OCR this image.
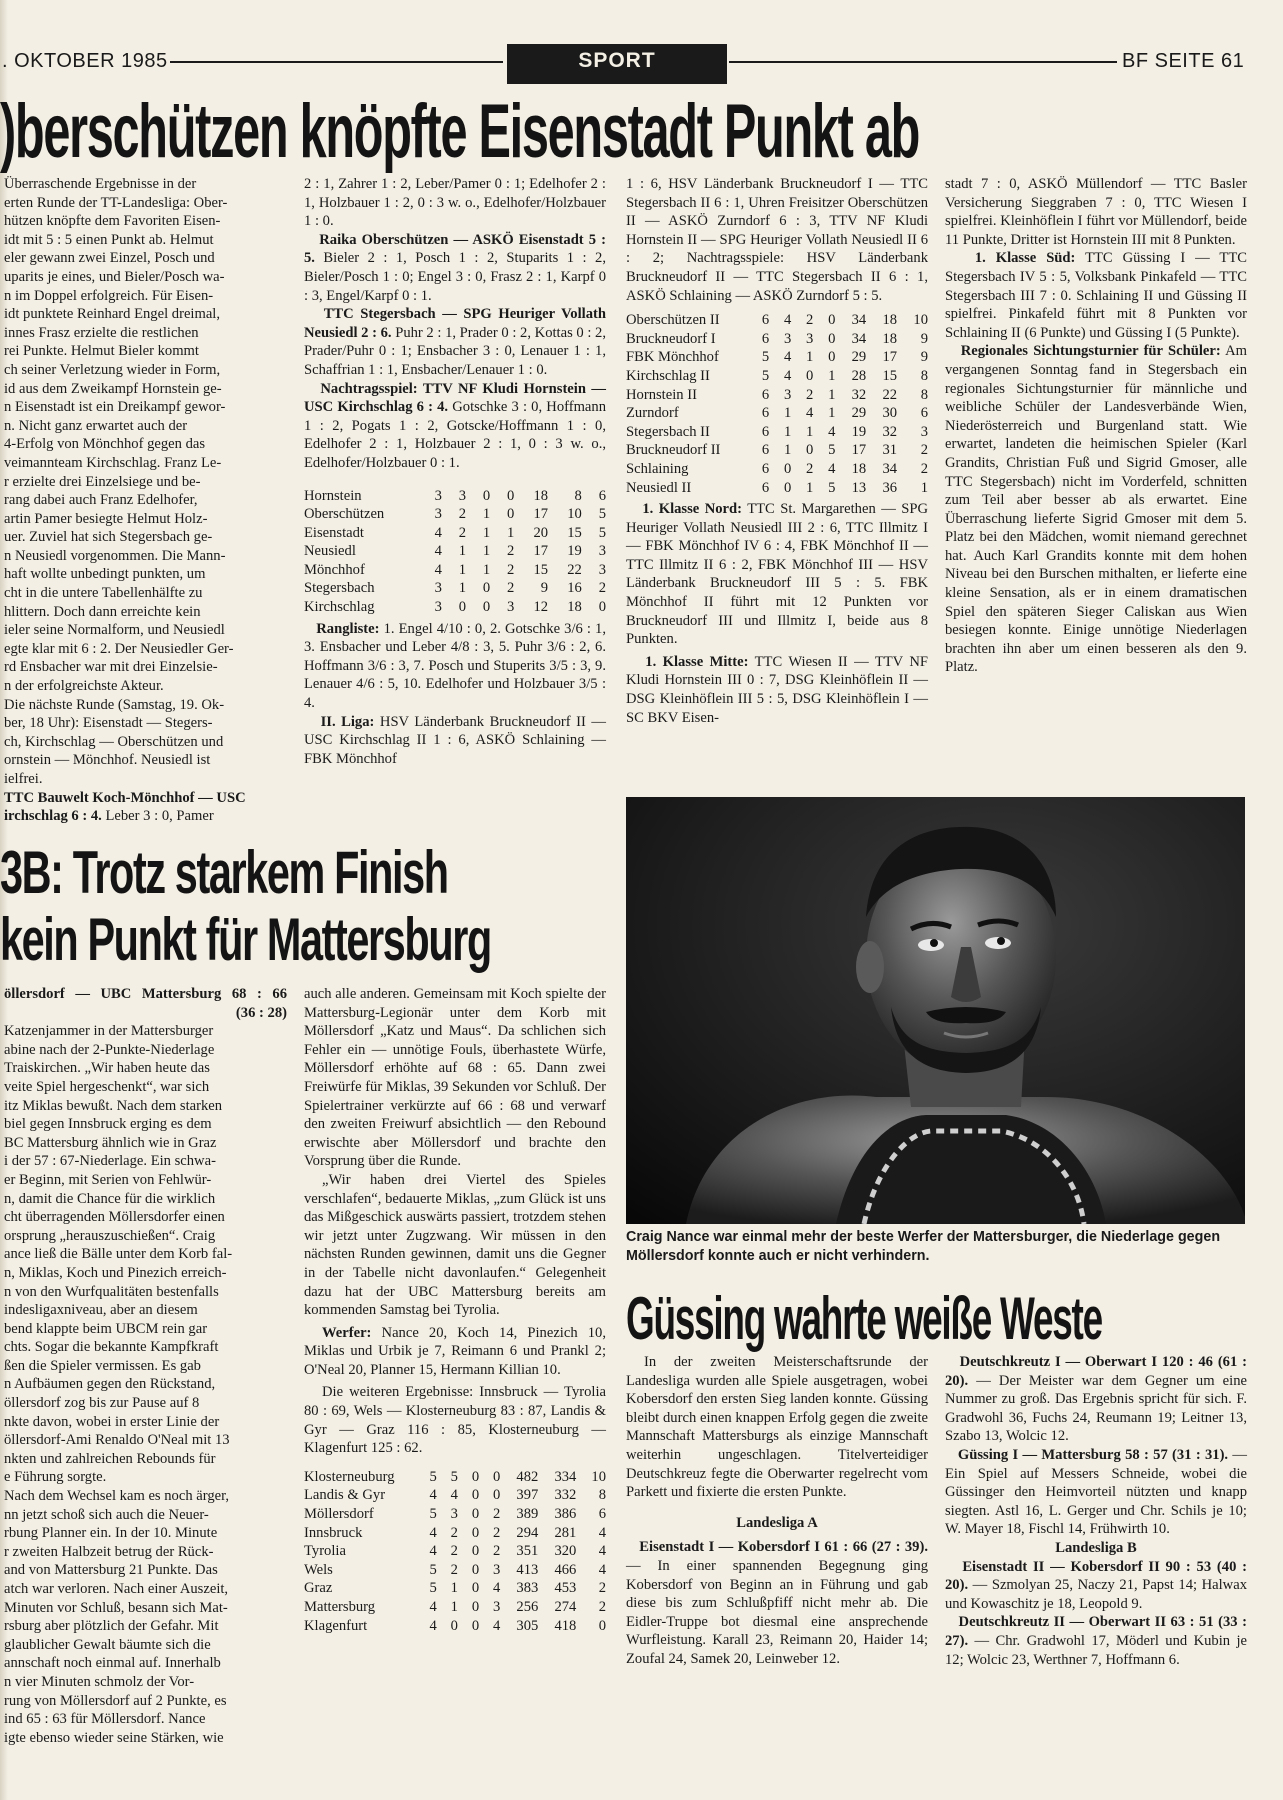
. OKTOBER 1985	SPORT	BF SEITE 61
)berschützen knöpfte Eisenstadt Punkt ab
Überraschende Ergebnisse in der
erten Runde der TT-Landesliga: Ober-
hützen knöpfte dem Favoriten Eisen-
idt mit 5 : 5 einen Punkt ab. Helmut
eler gewann zwei Einzel, Posch und
uparits je eines, und Bieler/Posch wa-
n im Doppel erfolgreich. Für Eisen-
idt punktete Reinhard Engel dreimal,
innes Frasz erzielte die restlichen
rei Punkte. Helmut Bieler kommt
ch seiner Verletzung wieder in Form,
id aus dem Zweikampf Hornstein ge-
n Eisenstadt ist ein Dreikampf gewor-
n. Nicht ganz erwartet auch der
4-Erfolg von Mönchhof gegen das
veimannteam Kirchschlag. Franz Le-
r erzielte drei Einzelsiege und be-
rang dabei auch Franz Edelhofer,
artin Pamer besiegte Helmut Holz-
uer. Zuviel hat sich Stegersbach ge-
n Neusiedl vorgenommen. Die Mann-
haft wollte unbedingt punkten, um
cht in die untere Tabellenhälfte zu
hlittern. Doch dann erreichte kein
ieler seine Normalform, und Neusiedl
egte klar mit 6 : 2. Der Neusiedler Ger-
rd Ensbacher war mit drei Einzelsie-
n der erfolgreichste Akteur.
Die nächste Runde (Samstag, 19. Ok-
ber, 18 Uhr): Eisenstadt — Stegers-
ch, Kirchschlag — Oberschützen und
ornstein — Mönchhof. Neusiedl ist
ielfrei.

TTC Bauwelt Koch-Mönchhof — USC

irchschlag 6 : 4. Leber 3 : 0, Pamer

2 : 1, Zahrer 1 : 2, Leber/Pamer 0 : 1; Edelhofer 2 : 1, Holzbauer 1 : 2, 0 : 3 w. o., Edelhofer/Holzbauer 1 : 0.

Raika Oberschützen — ASKÖ Eisenstadt 5 : 5. Bieler 2 : 1, Posch 1 : 2, Stuparits 1 : 2, Bieler/Posch 1 : 0; Engel 3 : 0, Frasz 2 : 1, Karpf 0 : 3, Engel/Karpf 0 : 1.

TTC Stegersbach — SPG Heuriger Vollath Neusiedl 2 : 6. Puhr 2 : 1, Prader 0 : 2, Kottas 0 : 2, Prader/Puhr 0 : 1; Ensbacher 3 : 0, Lenauer 1 : 1, Schaffrian 1 : 1, Ensbacher/Lenauer 1 : 0.

Nachtragsspiel: TTV NF Kludi Hornstein — USC Kirchschlag 6 : 4. Gotschke 3 : 0, Hoffmann 1 : 2, Pogats 1 : 2, Gotscke/Hoffmann 1 : 0, Edelhofer 2 : 1, Holzbauer 2 : 1, 0 : 3 w. o., Edelhofer/Holzbauer 0 : 1.

Hornstein	3	3	0	0	18	8	6
Oberschützen	3	2	1	0	17	10	5
Eisenstadt	4	2	1	1	20	15	5
Neusiedl	4	1	1	2	17	19	3
Mönchhof	4	1	1	2	15	22	3
Stegersbach	3	1	0	2	9	16	2
Kirchschlag	3	0	0	3	12	18	0

Rangliste: 1. Engel 4/10 : 0, 2. Gotschke 3/6 : 1, 3. Ensbacher und Leber 4/8 : 3, 5. Puhr 3/6 : 2, 6. Hoffmann 3/6 : 3, 7. Posch und Stuperits 3/5 : 3, 9. Lenauer 4/6 : 5, 10. Edelhofer und Holzbauer 3/5 : 4.

II. Liga: HSV Länderbank Bruckneudorf II — USC Kirchschlag II 1 : 6, ASKÖ Schlaining — FBK Mönchhof

1 : 6, HSV Länderbank Bruckneudorf I — TTC Stegersbach II 6 : 1, Uhren Freisitzer Oberschützen II — ASKÖ Zurndorf 6 : 3, TTV NF Kludi Hornstein II — SPG Heuriger Vollath Neusiedl II 6 : 2; Nachtragsspiele: HSV Länderbank Bruckneudorf II — TTC Stegersbach II 6 : 1, ASKÖ Schlaining — ASKÖ Zurndorf 5 : 5.

Oberschützen II	6	4	2	0	34	18	10
Bruckneudorf I	6	3	3	0	34	18	9
FBK Mönchhof	5	4	1	0	29	17	9
Kirchschlag II	5	4	0	1	28	15	8
Hornstein II	6	3	2	1	32	22	8
Zurndorf	6	1	4	1	29	30	6
Stegersbach II	6	1	1	4	19	32	3
Bruckneudorf II	6	1	0	5	17	31	2
Schlaining	6	0	2	4	18	34	2
Neusiedl II	6	0	1	5	13	36	1

1. Klasse Nord: TTC St. Margarethen — SPG Heuriger Vollath Neusiedl III 2 : 6, TTC Illmitz I — FBK Mönchhof IV 6 : 4, FBK Mönchhof II — TTC Illmitz II 6 : 2, FBK Mönchhof III — HSV Länderbank Bruckneudorf III 5 : 5. FBK Mönchhof II führt mit 12 Punkten vor Bruckneudorf III und Illmitz I, beide aus 8 Punkten.

1. Klasse Mitte: TTC Wiesen II — TTV NF Kludi Hornstein III 0 : 7, DSG Kleinhöflein II — DSG Kleinhöflein III 5 : 5, DSG Kleinhöflein I — SC BKV Eisen-

stadt 7 : 0, ASKÖ Müllendorf — TTC Basler Versicherung Sieggraben 7 : 0, TTC Wiesen I spielfrei. Kleinhöflein I führt vor Müllendorf, beide 11 Punkte, Dritter ist Hornstein III mit 8 Punkten.

1. Klasse Süd: TTC Güssing I — TTC Stegersbach IV 5 : 5, Volksbank Pinkafeld — TTC Stegersbach III 7 : 0. Schlaining II und Güssing II spielfrei. Pinkafeld führt mit 8 Punkten vor Schlaining II (6 Punkte) und Güssing I (5 Punkte).

Regionales Sichtungsturnier für Schüler: Am vergangenen Sonntag fand in Stegersbach ein regionales Sichtungsturnier für männliche und weibliche Schüler der Landesverbände Wien, Niederösterreich und Burgenland statt. Wie erwartet, landeten die heimischen Spieler (Karl Grandits, Christian Fuß und Sigrid Gmoser, alle TTC Stegersbach) nicht im Vorderfeld, schnitten zum Teil aber besser ab als erwartet. Eine Überraschung lieferte Sigrid Gmoser mit dem 5. Platz bei den Mädchen, womit niemand gerechnet hat. Auch Karl Grandits konnte mit dem hohen Niveau bei den Burschen mithalten, er lieferte eine kleine Sensation, als er in einem dramatischen Spiel den späteren Sieger Caliskan aus Wien besiegen konnte. Einige unnötige Niederlagen brachten ihn aber um einen besseren als den 9. Platz.

3B: Trotz starkem Finish
kein Punkt für Mattersburg

öllersdorf — UBC Mattersburg 68 : 66

(36 : 28)

Katzenjammer in der Mattersburger
abine nach der 2-Punkte-Niederlage
Traiskirchen. „Wir haben heute das
veite Spiel hergeschenkt“, war sich
itz Miklas bewußt. Nach dem starken
biel gegen Innsbruck erging es dem
BC Mattersburg ähnlich wie in Graz
i der 57 : 67-Niederlage. Ein schwa-
er Beginn, mit Serien von Fehlwür-
n, damit die Chance für die wirklich
cht überragenden Möllersdorfer einen
orsprung „herauszuschießen“. Craig
ance ließ die Bälle unter dem Korb fal-
n, Miklas, Koch und Pinezich erreich-
n von den Wurfqualitäten bestenfalls
indesligaxniveau, aber an diesem
bend klappte beim UBCM rein gar
chts. Sogar die bekannte Kampfkraft
ßen die Spieler vermissen. Es gab
n Aufbäumen gegen den Rückstand,
öllersdorf zog bis zur Pause auf 8
nkte davon, wobei in erster Linie der
öllersdorf-Ami Renaldo O'Neal mit 13
nkten und zahlreichen Rebounds für
e Führung sorgte.
Nach dem Wechsel kam es noch ärger,
nn jetzt schoß sich auch die Neuer-
rbung Planner ein. In der 10. Minute
r zweiten Halbzeit betrug der Rück-
and von Mattersburg 21 Punkte. Das
atch war verloren. Nach einer Auszeit,
Minuten vor Schluß, besann sich Mat-
rsburg aber plötzlich der Gefahr. Mit
glaublicher Gewalt bäumte sich die
annschaft noch einmal auf. Innerhalb
n vier Minuten schmolz der Vor-
rung von Möllersdorf auf 2 Punkte, es
ind 65 : 63 für Möllersdorf. Nance
igte ebenso wieder seine Stärken, wie

auch alle anderen. Gemeinsam mit Koch spielte der Mattersburg-Legionär unter dem Korb mit Möllersdorf „Katz und Maus“. Da schlichen sich Fehler ein — unnötige Fouls, überhastete Würfe, Möllersdorf erhöhte auf 68 : 65. Dann zwei Freiwürfe für Miklas, 39 Sekunden vor Schluß. Der Spielertrainer verkürzte auf 66 : 68 und verwarf den zweiten Freiwurf absichtlich — den Rebound erwischte aber Möllersdorf und brachte den Vorsprung über die Runde.

„Wir haben drei Viertel des Spieles verschlafen“, bedauerte Miklas, „zum Glück ist uns das Mißgeschick auswärts passiert, trotzdem stehen wir jetzt unter Zugzwang. Wir müssen in den nächsten Runden gewinnen, damit uns die Gegner in der Tabelle nicht davonlaufen.“ Gelegenheit dazu hat der UBC Mattersburg bereits am kommenden Samstag bei Tyrolia.

Werfer: Nance 20, Koch 14, Pinezich 10, Miklas und Urbik je 7, Reimann 6 und Prankl 2; O'Neal 20, Planner 15, Hermann Killian 10.

Die weiteren Ergebnisse: Innsbruck — Tyrolia 80 : 69, Wels — Klosterneuburg 83 : 87, Landis & Gyr — Graz 116 : 85, Klosterneuburg — Klagenfurt 125 : 62.

Klosterneuburg	5	5	0	0	482	334	10
Landis & Gyr	4	4	0	0	397	332	8
Möllersdorf	5	3	0	2	389	386	6
Innsbruck	4	2	0	2	294	281	4
Tyrolia	4	2	0	2	351	320	4
Wels	5	2	0	3	413	466	4
Graz	5	1	0	4	383	453	2
Mattersburg	4	1	0	3	256	274	2
Klagenfurt	4	0	0	4	305	418	0
Craig Nance war einmal mehr der beste Werfer der Mattersburger, die Niederlage gegen Möllersdorf konnte auch er nicht verhindern.
Güssing wahrte weiße Weste

In der zweiten Meisterschaftsrunde der Landesliga wurden alle Spiele ausgetragen, wobei Kobersdorf den ersten Sieg landen konnte. Güssing bleibt durch einen knappen Erfolg gegen die zweite Mannschaft Mattersburgs als einzige Mannschaft weiterhin ungeschlagen. Titelverteidiger Deutschkreuz fegte die Oberwarter regelrecht vom Parkett und fixierte die ersten Punkte.

Landesliga A

Eisenstadt I — Kobersdorf I 61 : 66 (27 : 39). — In einer spannenden Begegnung ging Kobersdorf von Beginn an in Führung und gab diese bis zum Schlußpfiff nicht mehr ab. Die Eidler-Truppe bot diesmal eine ansprechende Wurfleistung. Karall 23, Reimann 20, Haider 14; Zoufal 24, Samek 20, Leinweber 12.

Deutschkreutz I — Oberwart I 120 : 46 (61 : 20). — Der Meister war dem Gegner um eine Nummer zu groß. Das Ergebnis spricht für sich. F. Gradwohl 36, Fuchs 24, Reumann 19; Leitner 13, Szabo 13, Wolcic 12.

Güssing I — Mattersburg 58 : 57 (31 : 31). — Ein Spiel auf Messers Schneide, wobei die Güssinger den Heimvorteil nützten und knapp siegten. Astl 16, L. Gerger und Chr. Schils je 10; W. Mayer 18, Fischl 14, Frühwirth 10.

Landesliga B

Eisenstadt II — Kobersdorf II 90 : 53 (40 : 20). — Szmolyan 25, Naczy 21, Papst 14; Halwax und Kowaschitz je 18, Leopold 9.

Deutschkreutz II — Oberwart II 63 : 51 (33 : 27). — Chr. Gradwohl 17, Möderl und Kubin je 12; Wolcic 23, Werthner 7, Hoffmann 6.
